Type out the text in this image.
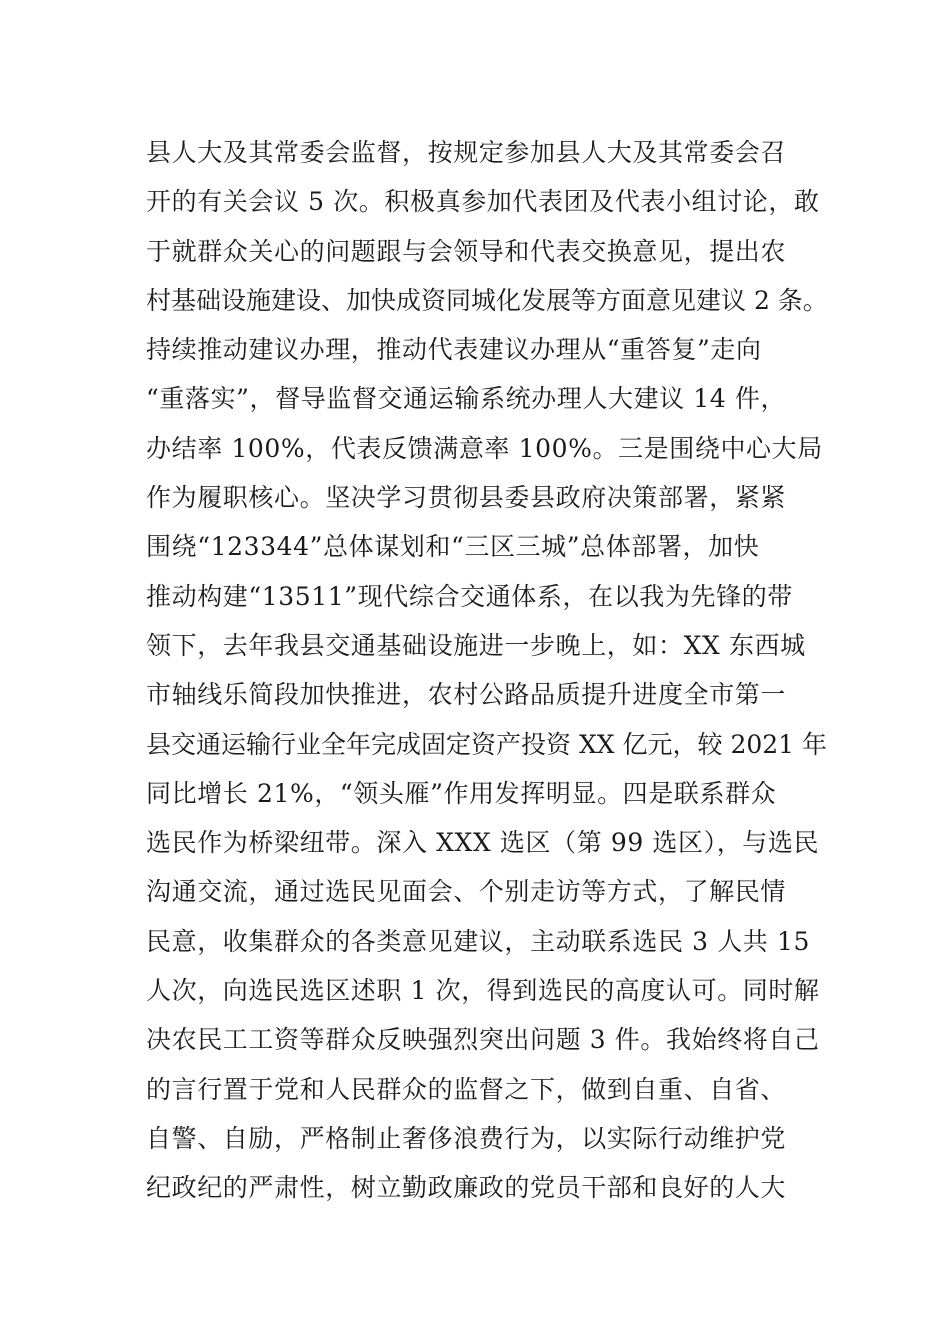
县人大及其常委会监督，按规定参加县人大及其常委会召
开的有关会议 5 次。积极真参加代表团及代表小组讨论，敢
于就群众关心的问题跟与会领导和代表交换意见，提出农
村基础设施建设、加快成资同城化发展等方面意见建议 2 条。
持续推动建议办理，推动代表建议办理从“重答复”走向
“重落实”，督导监督交通运输系统办理人大建议 14 件，
办结率 100%，代表反馈满意率 100%。三是围绕中心大局
作为履职核心。坚决学习贯彻县委县政府决策部署，紧紧
围绕“123344”总体谋划和“三区三城”总体部署，加快
推动构建“13511”现代综合交通体系，在以我为先锋的带
领下，去年我县交通基础设施进一步晚上，如：XX 东西城
市轴线乐简段加快推进，农村公路品质提升进度全市第一
县交通运输行业全年完成固定资产投资 XX 亿元，较 2021 年
同比增长 21%，“领头雁”作用发挥明显。四是联系群众
选民作为桥梁纽带。深入 XXX 选区（第 99 选区），与选民
沟通交流，通过选民见面会、个别走访等方式，了解民情
民意，收集群众的各类意见建议，主动联系选民 3 人共 15
人次，向选民选区述职 1 次，得到选民的高度认可。同时解
决农民工工资等群众反映强烈突出问题 3 件。我始终将自己
的言行置于党和人民群众的监督之下，做到自重、自省、
自警、自励，严格制止奢侈浪费行为，以实际行动维护党
纪政纪的严肃性，树立勤政廉政的党员干部和良好的人大
